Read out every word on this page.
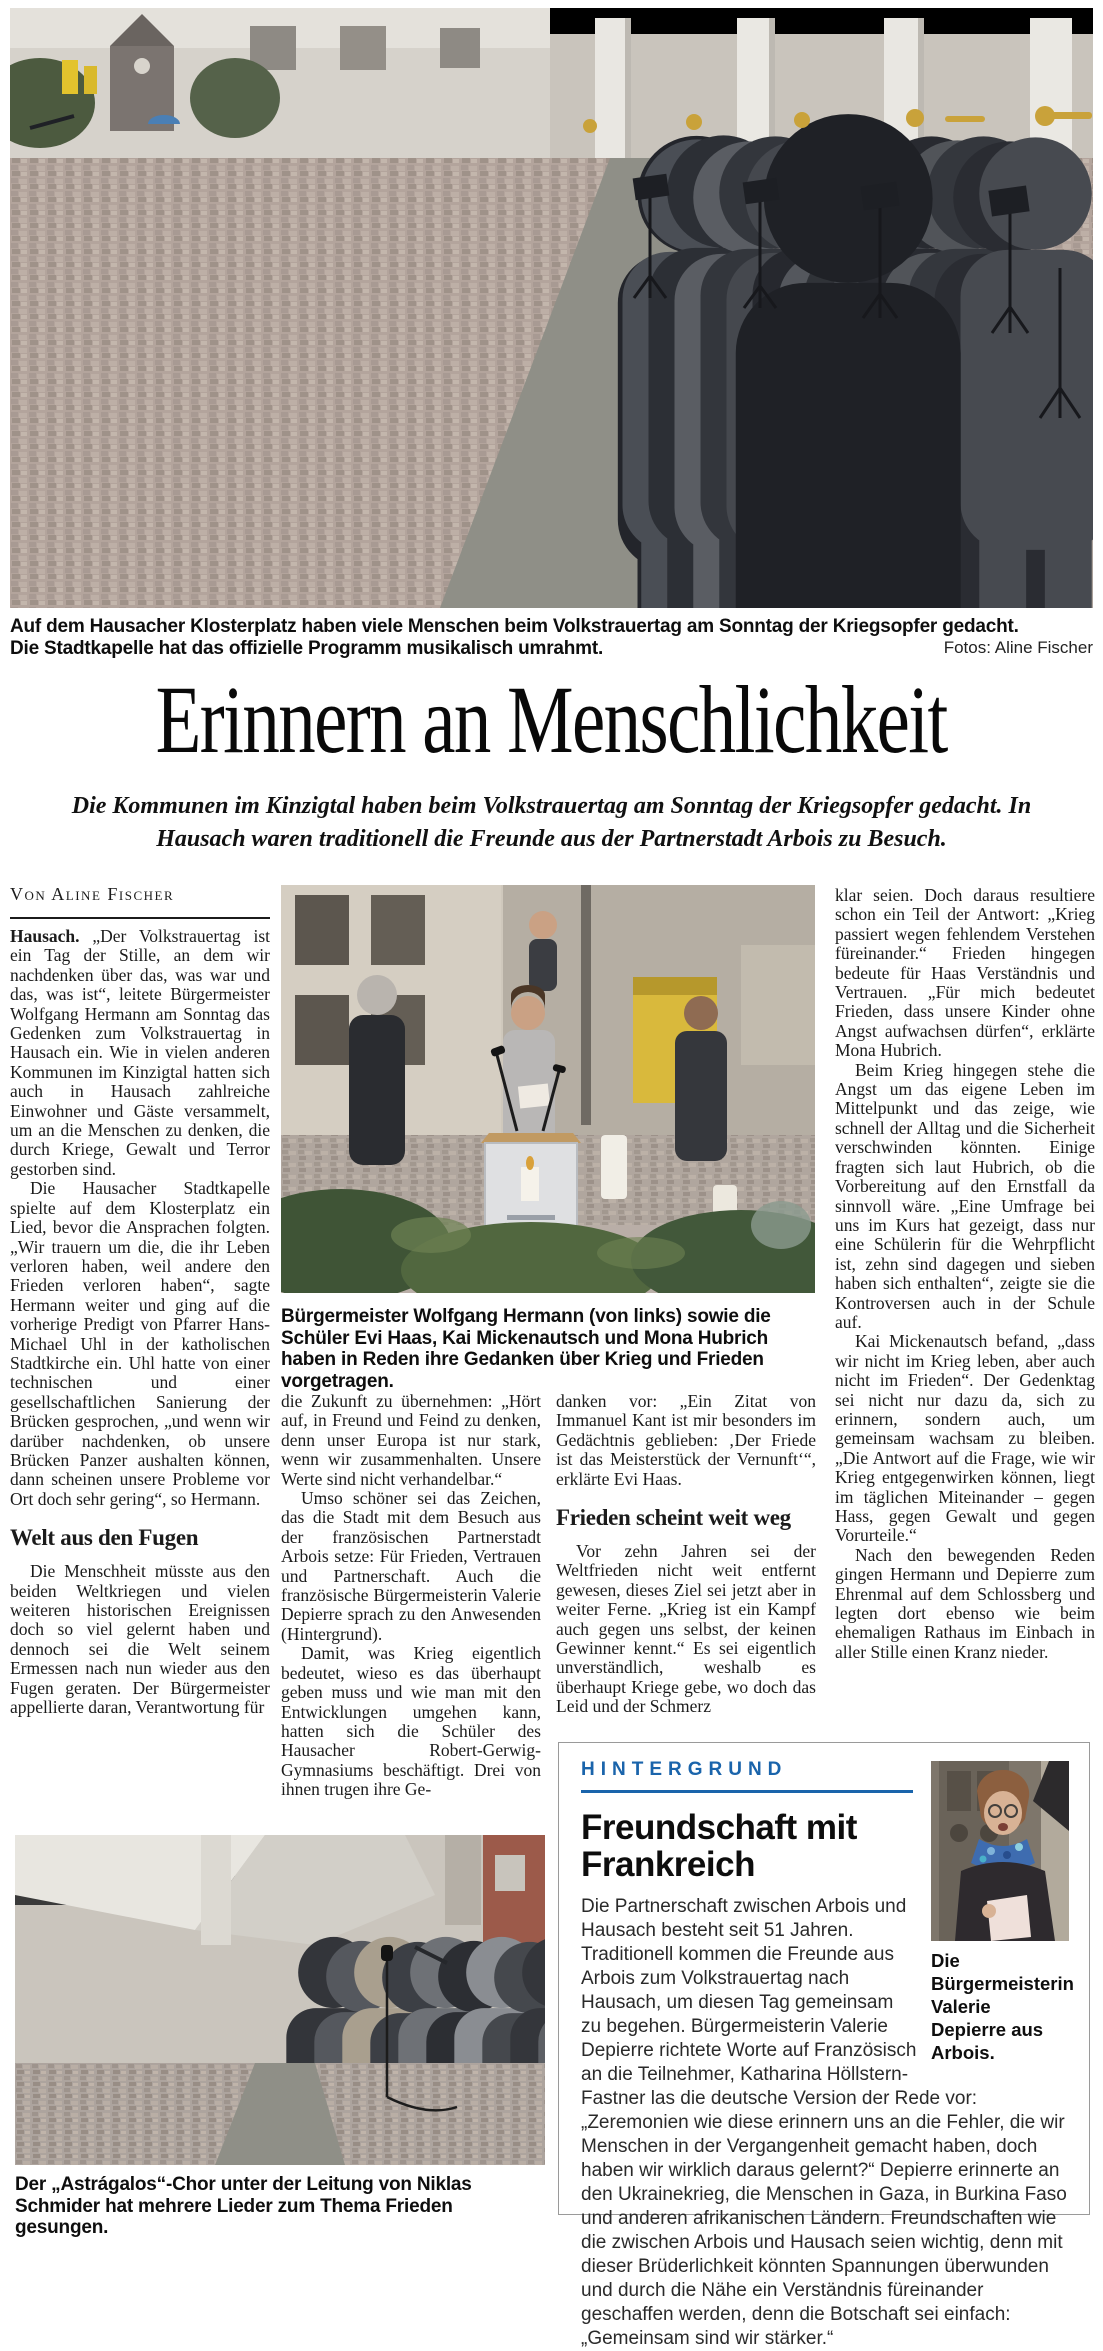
Auf dem Hausacher Klosterplatz haben viele Menschen beim Volkstrauertag am Sonntag der Kriegsopfer gedacht. Die Stadtkapelle hat das offizielle Programm musikalisch umrahmt.	Fotos: Aline Fischer
Erinnern an Menschlichkeit
Die Kommunen im Kinzigtal haben beim Volkstrauertag am Sonntag der Kriegsopfer gedacht. In Hausach waren traditionell die Freunde aus der Partnerstadt Arbois zu Besuch.
Von Aline Fischer

Hausach. „Der Volkstrauertag ist ein Tag der Stille, an dem wir nachdenken über das, was war und das, was ist“, leitete Bürgermeister Wolfgang Hermann am Sonntag das Gedenken zum Volkstrauertag in Hausach ein. Wie in vielen anderen Kommunen im Kinzigtal hatten sich auch in Hausach zahlreiche Einwohner und Gäste versammelt, um an die Menschen zu denken, die durch Kriege, Gewalt und Terror gestorben sind.

Die Hausacher Stadtkapelle spielte auf dem Klosterplatz ein Lied, bevor die Ansprachen folgten. „Wir trauern um die, die ihr Leben verloren haben, weil andere den Frieden verloren haben“, sagte Hermann weiter und ging auf die vorherige Predigt von Pfarrer Hans-Michael Uhl in der katholischen Stadtkirche ein. Uhl hatte von einer technischen und einer gesellschaftlichen Sanierung der Brücken gesprochen, „und wenn wir darüber nachdenken, ob unsere Brücken Panzer aushalten können, dann scheinen unsere Probleme vor Ort doch sehr gering“, so Hermann.

Welt aus den Fugen

Die Menschheit müsste aus den beiden Weltkriegen und vielen weiteren historischen Ereignissen doch so viel gelernt haben und dennoch sei die Welt seinem Ermessen nach nun wieder aus den Fugen geraten. Der Bürgermeister appellierte daran, Verantwortung für

Bürgermeister Wolfgang Hermann (von links) sowie die Schüler Evi Haas, Kai Mickenautsch und Mona Hubrich haben in Reden ihre Gedanken über Krieg und Frieden vorgetragen.

die Zukunft zu übernehmen: „Hört auf, in Freund und Feind zu denken, denn unser Europa ist nur stark, wenn wir zusammenhalten. Unsere Werte sind nicht verhandelbar.“

Umso schöner sei das Zeichen, das die Stadt mit dem Besuch aus der französischen Partnerstadt Arbois setze: Für Frieden, Vertrauen und Partnerschaft. Auch die französische Bürgermeisterin Valerie Depierre sprach zu den Anwesenden (Hintergrund).

Damit, was Krieg eigentlich bedeutet, wieso es das überhaupt geben muss und wie man mit den Entwicklungen umgehen kann, hatten sich die Schüler des Hausacher Robert-Gerwig-Gymnasiums beschäftigt. Drei von ihnen trugen ihre Ge-

danken vor: „Ein Zitat von Immanuel Kant ist mir besonders im Gedächtnis geblieben: ‚Der Friede ist das Meisterstück der Vernunft‘“, erklärte Evi Haas.

Frieden scheint weit weg

Vor zehn Jahren sei der Weltfrieden nicht weit entfernt gewesen, dieses Ziel sei jetzt aber in weiter Ferne. „Krieg ist ein Kampf auch gegen uns selbst, der keinen Gewinner kennt.“ Es sei eigentlich unverständlich, weshalb es überhaupt Kriege gebe, wo doch das Leid und der Schmerz

klar seien. Doch daraus resultiere schon ein Teil der Antwort: „Krieg passiert wegen fehlendem Verstehen füreinander.“ Frieden hingegen bedeute für Haas Verständnis und Vertrauen. „Für mich bedeutet Frieden, dass unsere Kinder ohne Angst aufwachsen dürfen“, erklärte Mona Hubrich.

Beim Krieg hingegen stehe die Angst um das eigene Leben im Mittelpunkt und das zeige, wie schnell der Alltag und die Sicherheit verschwinden könnten. Einige fragten sich laut Hubrich, ob die Vorbereitung auf den Ernstfall da sinnvoll wäre. „Eine Umfrage bei uns im Kurs hat gezeigt, dass nur eine Schülerin für die Wehrpflicht ist, zehn sind dagegen und sieben haben sich enthalten“, zeigte sie die Kontroversen auch in der Schule auf.

Kai Mickenautsch befand, „dass wir nicht im Krieg leben, aber auch nicht im Frieden“. Der Gedenktag sei nicht nur dazu da, sich zu erinnern, sondern auch, um gemeinsam wachsam zu bleiben. „Die Antwort auf die Frage, wie wir Krieg entgegenwirken können, liegt im täglichen Miteinander – gegen Hass, gegen Gewalt und gegen Vorurteile.“

Nach den bewegenden Reden gingen Hermann und Depierre zum Ehrenmal auf dem Schlossberg und legten dort ebenso wie beim ehemaligen Rathaus im Einbach in aller Stille einen Kranz nieder.

Die Bürgermeisterin Valerie Depierre aus Arbois.
HINTERGRUND
Freundschaft mit Frankreich
Die Partnerschaft zwischen Arbois und Hausach besteht seit 51 Jahren. Traditionell kommen die Freunde aus Arbois zum Volkstrauertag nach Hausach, um diesen Tag gemeinsam zu begehen. Bürgermeisterin Valerie Depierre richtete Worte auf Französisch an die Teilnehmer, Katharina Höllstern-Fastner las die deutsche Version der Rede vor: „Zeremonien wie diese erinnern uns an die Fehler, die wir Menschen in der Vergangenheit gemacht haben, doch haben wir wirklich daraus gelernt?“ Depierre erinnerte an den Ukrainekrieg, die Menschen in Gaza, in Burkina Faso und anderen afrikanischen Ländern. Freundschaften wie die zwischen Arbois und Hausach seien wichtig, denn mit dieser Brüderlichkeit könnten Spannungen überwunden und durch die Nähe ein Verständnis füreinander geschaffen werden, denn die Botschaft sei einfach: „Gemeinsam sind wir stärker.“
Der „Astrágalos“-Chor unter der Leitung von Niklas Schmider hat mehrere Lieder zum Thema Frieden gesungen.
